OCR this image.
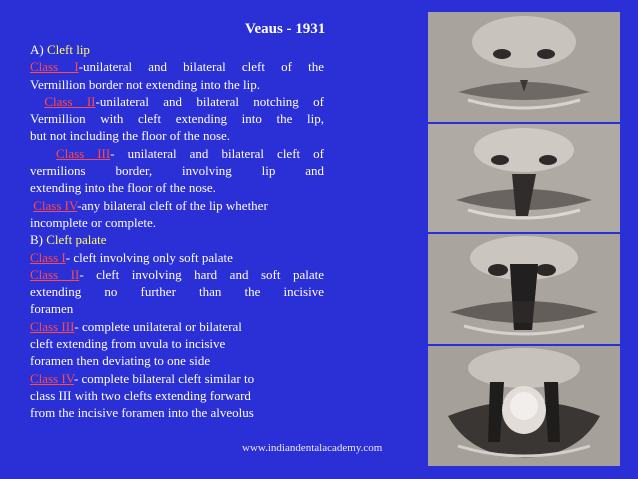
Veaus - 1931
A) Cleft lip
Class I-unilateral and bilateral cleft of the
Vermillion border not extending into the lip.
Class II-unilateral and bilateral notching of
Vermillion with cleft extending into the lip,
but not including the floor of the nose.
Class III- unilateral and bilateral cleft of
vermilions border, involving lip and
extending into the floor of the nose.
Class IV-any bilateral cleft of the lip whether
incomplete or complete.
B) Cleft palate
Class I- cleft involving only soft palate
Class II- cleft involving hard and soft palate
extending no further than the incisive
foramen
Class III- complete unilateral or bilateral
cleft extending from uvula to incisive
foramen then deviating to one side
Class IV- complete bilateral cleft similar to
class III with two clefts extending forward
from the incisive foramen into the alveolus
www.indiandentalacademy.com
